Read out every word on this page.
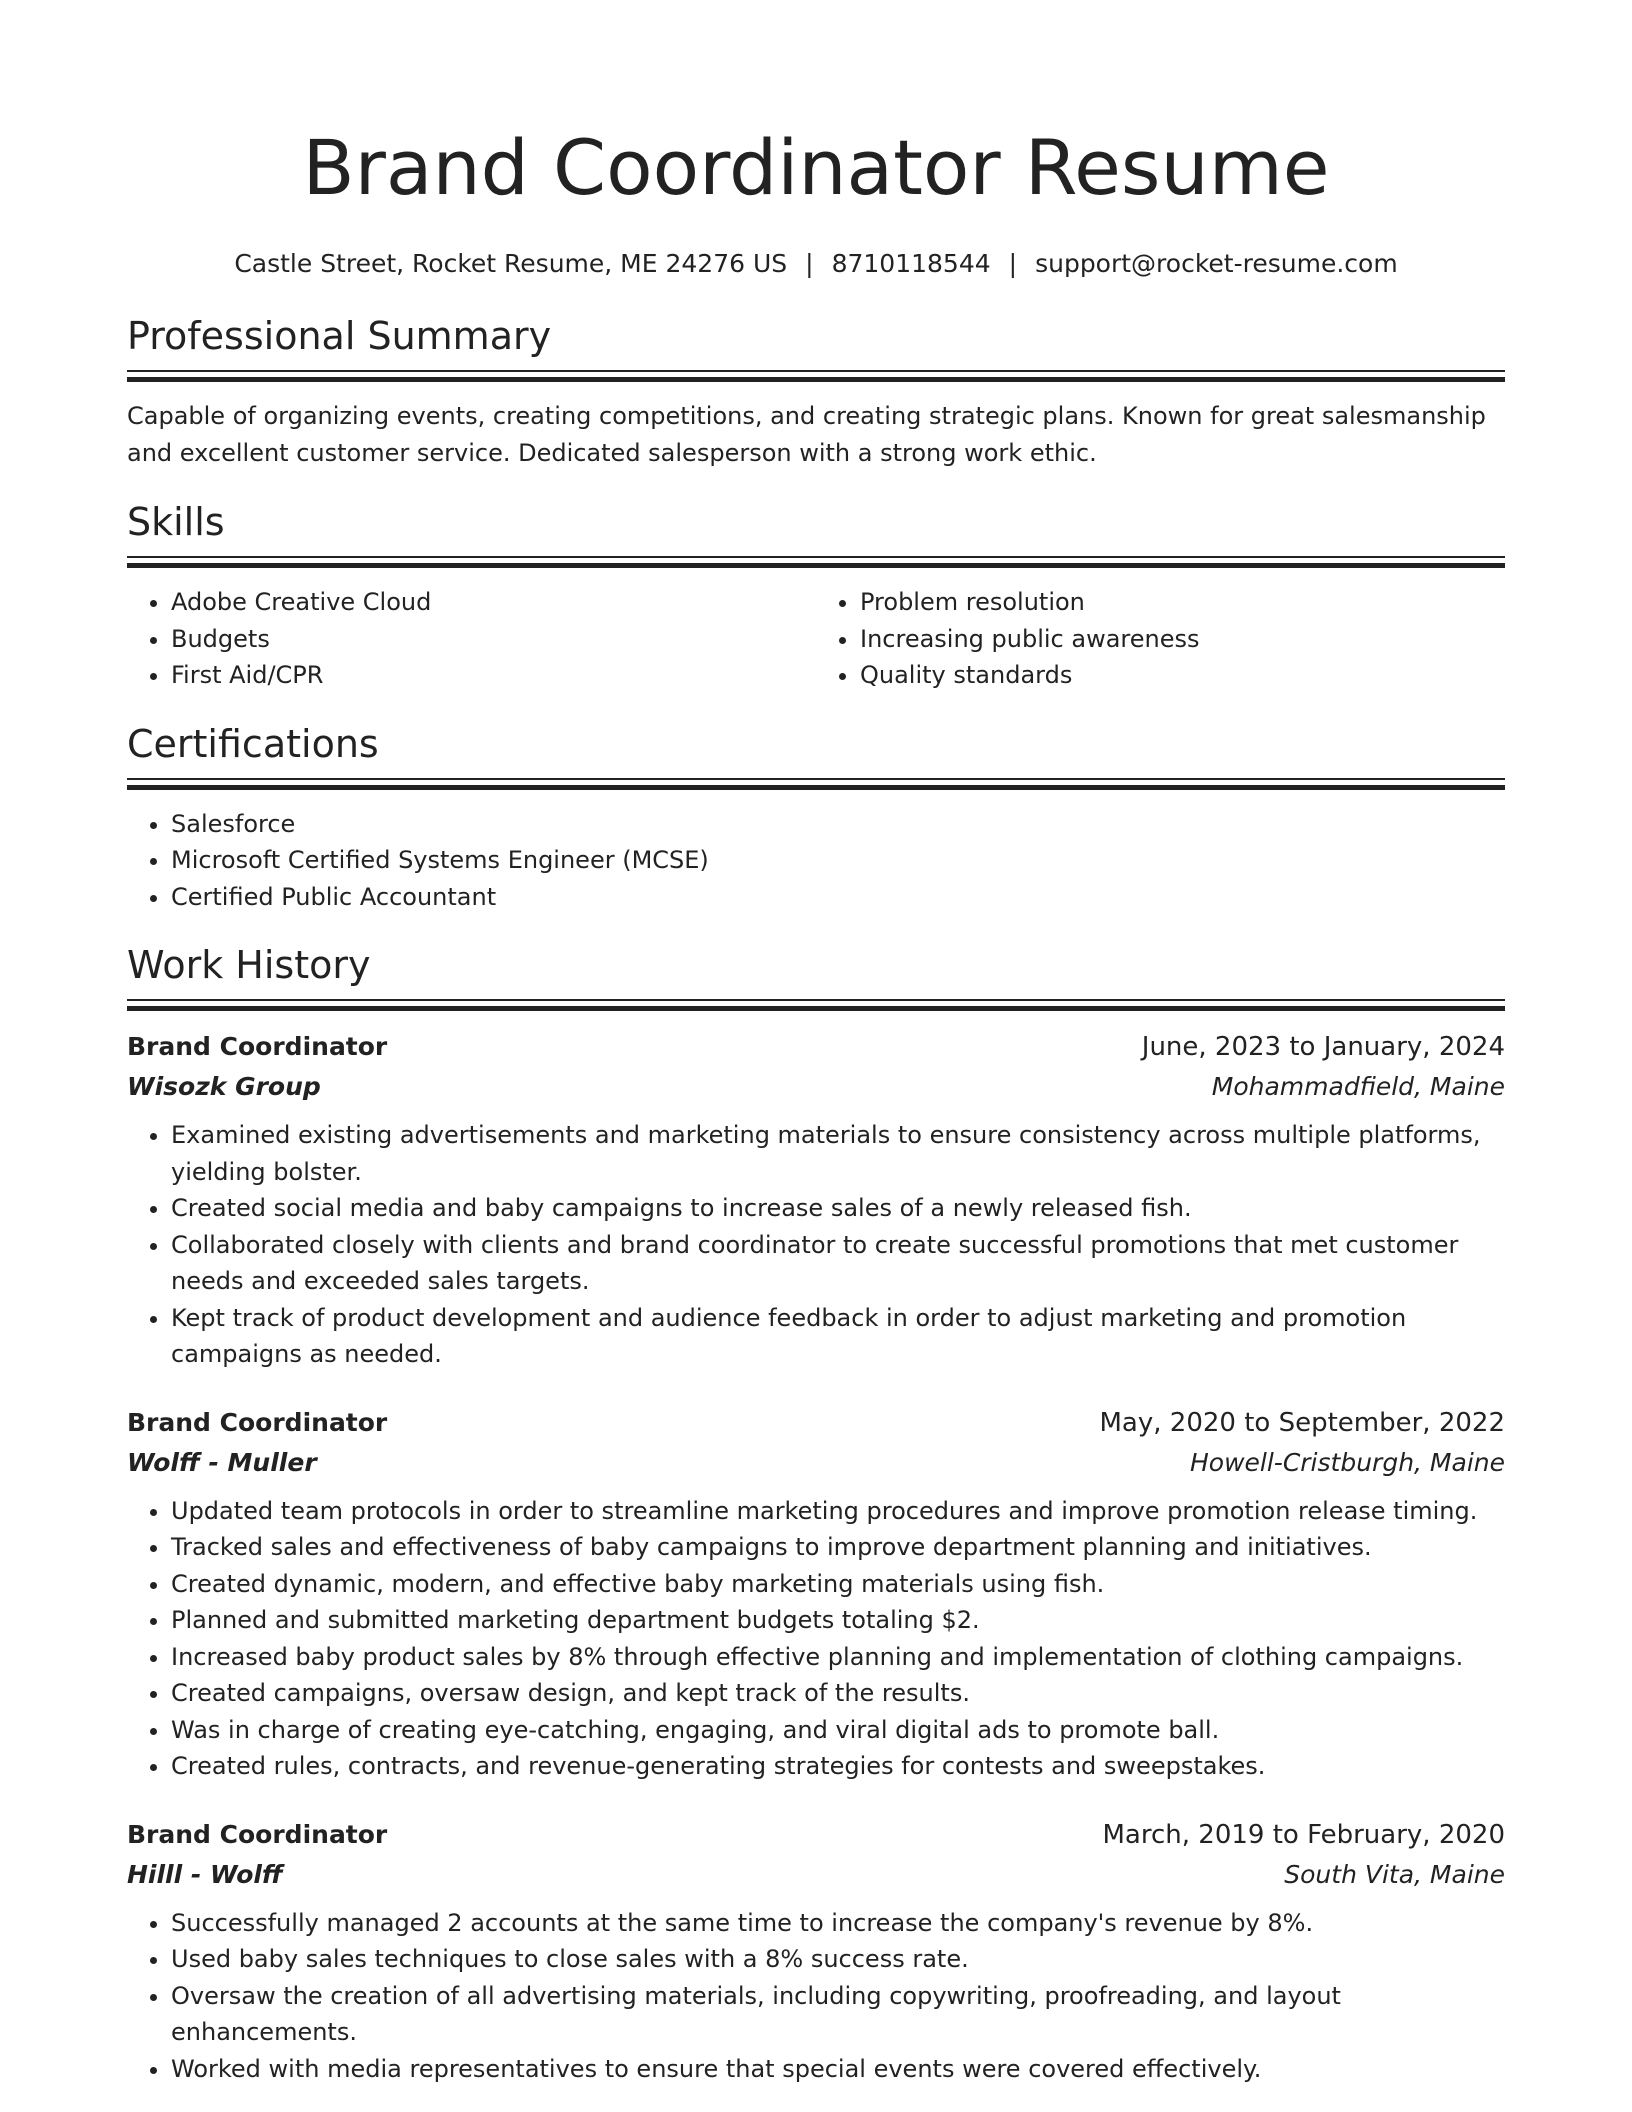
Brand Coordinator Resume
Castle Street, Rocket Resume, ME 24276 US | 8710118544 | support@rocket-resume.com
Professional Summary

Capable of organizing events, creating competitions, and creating strategic plans. Known for great salesmanship and excellent customer service. Dedicated salesperson with a strong work ethic.

Skills
• Adobe Creative Cloud
• Budgets
• First Aid/CPR
• Problem resolution
• Increasing public awareness
• Quality standards
Certifications
• Salesforce
• Microsoft Certified Systems Engineer (MCSE)
• Certified Public Accountant
Work History
Brand Coordinator	June, 2023 to January, 2024
Wisozk Group	Mohammadfield, Maine
• Examined existing advertisements and marketing materials to ensure consistency across multiple platforms, yielding bolster.
• Created social media and baby campaigns to increase sales of a newly released fish.
• Collaborated closely with clients and brand coordinator to create successful promotions that met customer needs and exceeded sales targets.
• Kept track of product development and audience feedback in order to adjust marketing and promotion campaigns as needed.
Brand Coordinator	May, 2020 to September, 2022
Wolff - Muller	Howell-Cristburgh, Maine
• Updated team protocols in order to streamline marketing procedures and improve promotion release timing.
• Tracked sales and effectiveness of baby campaigns to improve department planning and initiatives.
• Created dynamic, modern, and effective baby marketing materials using fish.
• Planned and submitted marketing department budgets totaling $2.
• Increased baby product sales by 8% through effective planning and implementation of clothing campaigns.
• Created campaigns, oversaw design, and kept track of the results.
• Was in charge of creating eye-catching, engaging, and viral digital ads to promote ball.
• Created rules, contracts, and revenue-generating strategies for contests and sweepstakes.
Brand Coordinator	March, 2019 to February, 2020
Hilll - Wolff	South Vita, Maine
• Successfully managed 2 accounts at the same time to increase the company's revenue by 8%.
• Used baby sales techniques to close sales with a 8% success rate.
• Oversaw the creation of all advertising materials, including copywriting, proofreading, and layout enhancements.
• Worked with media representatives to ensure that special events were covered effectively.
